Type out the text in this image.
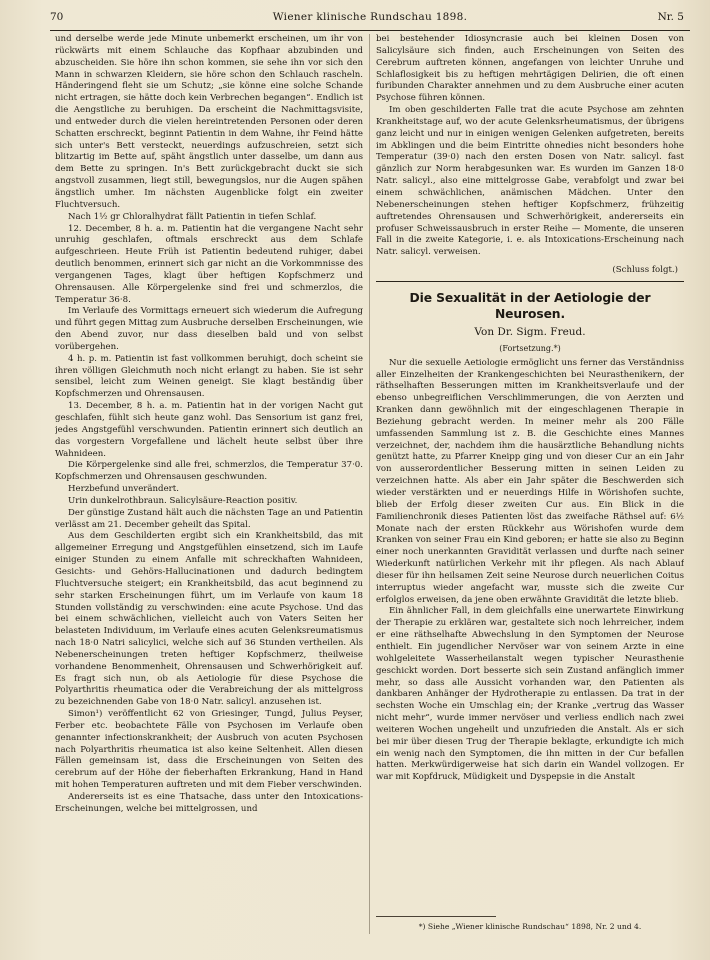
70	Wiener klinische Rundschau 1898.	Nr. 5

und derselbe werde jede Minute unbemerkt erscheinen, um ihr von rückwärts mit einem Schlauche das Kopfhaar abzubinden und abzuscheiden. Sie höre ihn schon kommen, sie sehe ihn vor sich den Mann in schwarzen Kleidern, sie höre schon den Schlauch rascheln. Händeringend fleht sie um Schutz; „sie könne eine solche Schande nicht ertragen, sie hätte doch kein Verbrechen begangen“. Endlich ist die Aengstliche zu beruhigen. Da erscheint die Nachmittagsvisite, und entweder durch die vielen hereintretenden Personen oder deren Schatten erschreckt, beginnt Patientin in dem Wahne, ihr Feind hätte sich unter's Bett versteckt, neuerdings aufzuschreien, setzt sich blitzartig im Bette auf, späht ängstlich unter dasselbe, um dann aus dem Bette zu springen. In's Bett zurückgebracht duckt sie sich angstvoll zusammen, liegt still, bewegungslos, nur die Augen spähen ängstlich umher. Im nächsten Augenblicke folgt ein zweiter Fluchtversuch.

Nach 1½ gr Chloralhydrat fällt Patientin in tiefen Schlaf.

12. December, 8 h. a. m. Patientin hat die vergangene Nacht sehr unruhig geschlafen, oftmals erschreckt aus dem Schlafe aufgeschrieen. Heute Früh ist Patientin bedeutend ruhiger, dabei deutlich benommen, erinnert sich gar nicht an die Vorkommnisse des vergangenen Tages, klagt über heftigen Kopfschmerz und Ohrensausen. Alle Körpergelenke sind frei und schmerzlos, die Temperatur 36·8.

Im Verlaufe des Vormittags erneuert sich wiederum die Aufregung und führt gegen Mittag zum Ausbruche derselben Erscheinungen, wie den Abend zuvor, nur dass dieselben bald und von selbst vorübergehen.

4 h. p. m. Patientin ist fast vollkommen beruhigt, doch scheint sie ihren völligen Gleichmuth noch nicht erlangt zu haben. Sie ist sehr sensibel, leicht zum Weinen geneigt. Sie klagt beständig über Kopfschmerzen und Ohrensausen.

13. December, 8 h. a. m. Patientin hat in der vorigen Nacht gut geschlafen, fühlt sich heute ganz wohl. Das Sensorium ist ganz frei, jedes Angstgefühl verschwunden. Patientin erinnert sich deutlich an das vorgestern Vorgefallene und lächelt heute selbst über ihre Wahnideen.

Die Körpergelenke sind alle frei, schmerzlos, die Temperatur 37·0. Kopfschmerzen und Ohrensausen geschwunden.

Herzbefund unverändert.

Urin dunkelrothbraun. Salicylsäure-Reaction positiv.

Der günstige Zustand hält auch die nächsten Tage an und Patientin verlässt am 21. December geheilt das Spital.

Aus dem Geschilderten ergibt sich ein Krankheitsbild, das mit allgemeiner Erregung und Angstgefühlen einsetzend, sich im Laufe einiger Stunden zu einem Anfalle mit schreckhaften Wahnideen, Gesichts- und Gehörs-Hallucinationen und dadurch bedingtem Fluchtversuche steigert; ein Krankheitsbild, das acut beginnend zu sehr starken Erscheinungen führt, um im Verlaufe von kaum 18 Stunden vollständig zu verschwinden: eine acute Psychose. Und das bei einem schwächlichen, vielleicht auch von Vaters Seiten her belasteten Individuum, im Verlaufe eines acuten Gelenksreumatismus nach 18·0 Natri salicylici, welche sich auf 36 Stunden vertheilen. Als Nebenerscheinungen treten heftiger Kopfschmerz, theilweise vorhandene Benommenheit, Ohrensausen und Schwerhörigkeit auf. Es fragt sich nun, ob als Aetiologie für diese Psychose die Polyarthritis rheumatica oder die Verabreichung der als mittelgross zu bezeichnenden Gabe von 18·0 Natr. salicyl. anzusehen ist.

Simon¹) veröffentlicht 62 von Griesinger, Tungd, Julius Peyser, Ferber etc. beobachtete Fälle von Psychosen im Verlaufe oben genannter infectionskrankheit; der Ausbruch von acuten Psychosen nach Polyarthritis rheumatica ist also keine Seltenheit. Allen diesen Fällen gemeinsam ist, dass die Erscheinungen von Seiten des cerebrum auf der Höhe der fieberhaften Erkrankung, Hand in Hand mit hohen Temperaturen auftreten und mit dem Fieber verschwinden.

Andererseits ist es eine Thatsache, dass unter den Intoxications-Erscheinungen, welche bei mittelgrossen, und

bei bestehender Idiosyncrasie auch bei kleinen Dosen von Salicylsäure sich finden, auch Erscheinungen von Seiten des Cerebrum auftreten können, angefangen von leichter Unruhe und Schlaflosigkeit bis zu heftigen mehrtägigen Delirien, die oft einen furibunden Charakter annehmen und zu dem Ausbruche einer acuten Psychose führen können.

Im oben geschilderten Falle trat die acute Psychose am zehnten Krankheitstage auf, wo der acute Gelenksrheumatismus, der übrigens ganz leicht und nur in einigen wenigen Gelenken aufgetreten, bereits im Abklingen und die beim Eintritte ohnedies nicht besonders hohe Temperatur (39·0) nach den ersten Dosen von Natr. salicyl. fast gänzlich zur Norm herabgesunken war. Es wurden im Ganzen 18·0 Natr. salicyl., also eine mittelgrosse Gabe, verabfolgt und zwar bei einem schwächlichen, anämischen Mädchen. Unter den Nebenerscheinungen stehen heftiger Kopfschmerz, frühzeitig auftretendes Ohrensausen und Schwerhörigkeit, andererseits ein profuser Schweissausbruch in erster Reihe — Momente, die unseren Fall in die zweite Kategorie, i. e. als Intoxications-Erscheinung nach Natr. salicyl. verweisen.

(Schluss folgt.)

Die Sexualität in der Aetiologie der Neurosen.
Von Dr. Sigm. Freud.
(Fortsetzung.*)

Nur die sexuelle Aetiologie ermöglicht uns ferner das Verständniss aller Einzelheiten der Krankengeschichten bei Neurasthenikern, der räthselhaften Besserungen mitten im Krankheitsverlaufe und der ebenso unbegreiflichen Verschlimmerungen, die von Aerzten und Kranken dann gewöhnlich mit der eingeschlagenen Therapie in Beziehung gebracht werden. In meiner mehr als 200 Fälle umfassenden Sammlung ist z. B. die Geschichte eines Mannes verzeichnet, der, nachdem ihm die hausärztliche Behandlung nichts genützt hatte, zu Pfarrer Kneipp ging und von dieser Cur an ein Jahr von ausserordentlicher Besserung mitten in seinen Leiden zu verzeichnen hatte. Als aber ein Jahr später die Beschwerden sich wieder verstärkten und er neuerdings Hilfe in Wörishofen suchte, blieb der Erfolg dieser zweiten Cur aus. Ein Blick in die Familienchronik dieses Patienten löst das zweifache Räthsel auf: 6½ Monate nach der ersten Rückkehr aus Wörishofen wurde dem Kranken von seiner Frau ein Kind geboren; er hatte sie also zu Beginn einer noch unerkannten Gravidität verlassen und durfte nach seiner Wiederkunft natürlichen Verkehr mit ihr pflegen. Als nach Ablauf dieser für ihn heilsamen Zeit seine Neurose durch neuerlichen Coitus interruptus wieder angefacht war, musste sich die zweite Cur erfolglos erweisen, da jene oben erwähnte Gravidität die letzte blieb.

Ein ähnlicher Fall, in dem gleichfalls eine unerwartete Einwirkung der Therapie zu erklären war, gestaltete sich noch lehrreicher, indem er eine räthselhafte Abwechslung in den Symptomen der Neurose enthielt. Ein jugendlicher Nervöser war von seinem Arzte in eine wohlgeleitete Wasserheilanstalt wegen typischer Neurasthenie geschickt worden. Dort besserte sich sein Zustand anfänglich immer mehr, so dass alle Aussicht vorhanden war, den Patienten als dankbaren Anhänger der Hydrotherapie zu entlassen. Da trat in der sechsten Woche ein Umschlag ein; der Kranke „vertrug das Wasser nicht mehr“, wurde immer nervöser und verliess endlich nach zwei weiteren Wochen ungeheilt und unzufrieden die Anstalt. Als er sich bei mir über diesen Trug der Therapie beklagte, erkundigte ich mich ein wenig nach den Symptomen, die ihn mitten in der Cur befallen hatten. Merkwürdigerweise hat sich darin ein Wandel vollzogen. Er war mit Kopfdruck, Müdigkeit und Dyspepsie in die Anstalt

*) Siehe „Wiener klinische Rundschau“ 1898, Nr. 2 und 4.
